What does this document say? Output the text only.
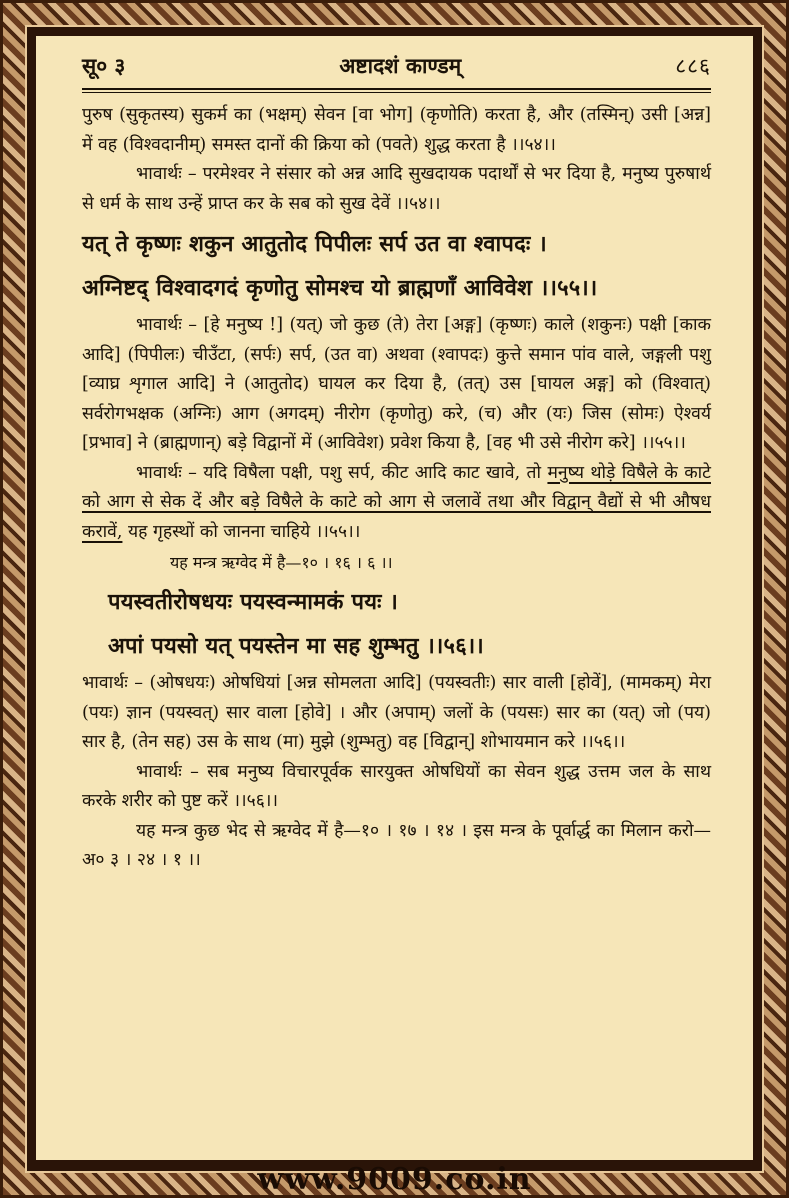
सू० ३	अष्टादशं काण्डम्	८८६

पुरुष (सुकृतस्य) सुकर्म का (भक्षम्) सेवन [वा भोग] (कृणोति) करता है, और (तस्मिन्) उसी [अन्न] में वह (विश्वदानीम्) समस्त दानों की क्रिया को (पवते) शुद्ध करता है ।।५४।।

भावार्थः – परमेश्वर ने संसार को अन्न आदि सुखदायक पदार्थों से भर दिया है, मनुष्य पुरुषार्थ से धर्म के साथ उन्हें प्राप्त कर के सब को सुख देवें ।।५४।।

यत् ते कृष्णः शकुन आतुतोद पिपीलः सर्प उत वा श्वापदः ।
अग्निष्टद् विश्वादगदं कृणोतु सोमश्च यो ब्राह्मणाँ आविवेश ।।५५।।

भावार्थः – [हे मनुष्य !] (यत्) जो कुछ (ते) तेरा [अङ्ग] (कृष्णः) काले (शकुनः) पक्षी [काक आदि] (पिपीलः) चीउँटा, (सर्पः) सर्प, (उत वा) अथवा (श्वापदः) कुत्ते समान पांव वाले, जङ्गली पशु [व्याघ्र शृगाल आदि] ने (आतुतोद) घायल कर दिया है, (तत्) उस [घायल अङ्ग] को (विश्वात्) सर्वरोगभक्षक (अग्निः) आग (अगदम्) नीरोग (कृणोतु) करे, (च) और (यः) जिस (सोमः) ऐश्वर्य [प्रभाव] ने (ब्राह्मणान्) बड़े विद्वानों में (आविवेश) प्रवेश किया है, [वह भी उसे नीरोग करे] ।।५५।।

भावार्थः – यदि विषैला पक्षी, पशु सर्प, कीट आदि काट खावे, तो मनुष्य थोड़े विषैले के काटे को आग से सेक दें और बड़े विषैले के काटे को आग से जलावें तथा और विद्वान् वैद्यों से भी औषध करावें, यह गृहस्थों को जानना चाहिये ।।५५।।

यह मन्त्र ऋग्वेद में है—१० । १६ । ६ ।।
पयस्वतीरोषधयः पयस्वन्मामकं पयः ।
अपां पयसो यत् पयस्तेन मा सह शुम्भतु ।।५६।।

भावार्थः – (ओषधयः) ओषधियां [अन्न सोमलता आदि] (पयस्वतीः) सार वाली [होवें], (मामकम्) मेरा (पयः) ज्ञान (पयस्वत्) सार वाला [होवे] । और (अपाम्) जलों के (पयसः) सार का (यत्) जो (पय) सार है, (तेन सह) उस के साथ (मा) मुझे (शुम्भतु) वह [विद्वान्] शोभायमान करे ।।५६।।

भावार्थः – सब मनुष्य विचारपूर्वक सारयुक्त ओषधियों का सेवन शुद्ध उत्तम जल के साथ करके शरीर को पुष्ट करें ।।५६।।

यह मन्त्र कुछ भेद से ऋग्वेद में है—१० । १७ । १४ । इस मन्त्र के पूर्वार्द्ध का मिलान करो—अ० ३ । २४ । १ ।।

www.9009.co.in
